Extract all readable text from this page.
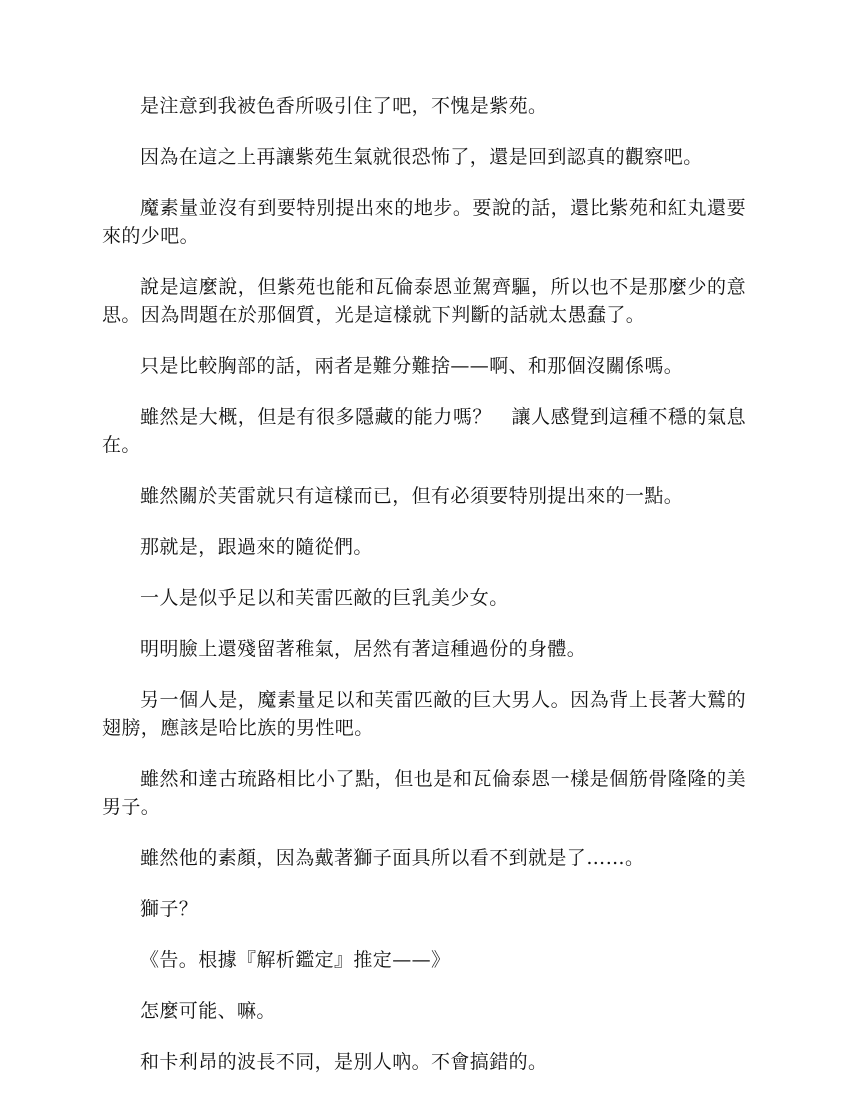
是注意到我被色香所吸引住了吧，不愧是紫苑。

因為在這之上再讓紫苑生氣就很恐怖了，還是回到認真的觀察吧。

魔素量並沒有到要特別提出來的地步。要說的話，還比紫苑和紅丸還要來的少吧。

說是這麼說，但紫苑也能和瓦倫泰恩並駕齊驅，所以也不是那麼少的意思。因為問題在於那個質，光是這樣就下判斷的話就太愚蠢了。

只是比較胸部的話，兩者是難分難捨——啊、和那個沒關係嗎。

雖然是大概，但是有很多隱藏的能力嗎？　讓人感覺到這種不穩的氣息在。

雖然關於芙雷就只有這樣而已，但有必須要特別提出來的一點。

那就是，跟過來的隨從們。

一人是似乎足以和芙雷匹敵的巨乳美少女。

明明臉上還殘留著稚氣，居然有著這種過份的身體。

另一個人是，魔素量足以和芙雷匹敵的巨大男人。因為背上長著大鷲的翅膀，應該是哈比族的男性吧。

雖然和達古琉路相比小了點，但也是和瓦倫泰恩一樣是個筋骨隆隆的美男子。

雖然他的素顏，因為戴著獅子面具所以看不到就是了……。

獅子？

《告。根據『解析鑑定』推定——》

怎麼可能、嘛。

和卡利昂的波長不同，是別人吶。不會搞錯的。
